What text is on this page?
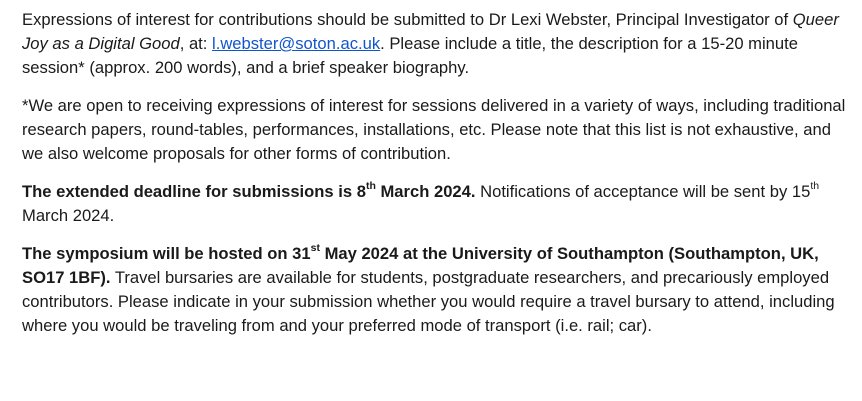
Expressions of interest for contributions should be submitted to Dr Lexi Webster, Principal Investigator of Queer Joy as a Digital Good, at: l.webster@soton.ac.uk. Please include a title, the description for a 15-20 minute session* (approx. 200 words), and a brief speaker biography.

*We are open to receiving expressions of interest for sessions delivered in a variety of ways, including traditional research papers, round-tables, performances, installations, etc. Please note that this list is not exhaustive, and we also welcome proposals for other forms of contribution.

The extended deadline for submissions is 8th March 2024. Notifications of acceptance will be sent by 15th March 2024.

The symposium will be hosted on 31st May 2024 at the University of Southampton (Southampton, UK, SO17 1BF). Travel bursaries are available for students, postgraduate researchers, and precariously employed contributors. Please indicate in your submission whether you would require a travel bursary to attend, including where you would be traveling from and your preferred mode of transport (i.e. rail; car).
